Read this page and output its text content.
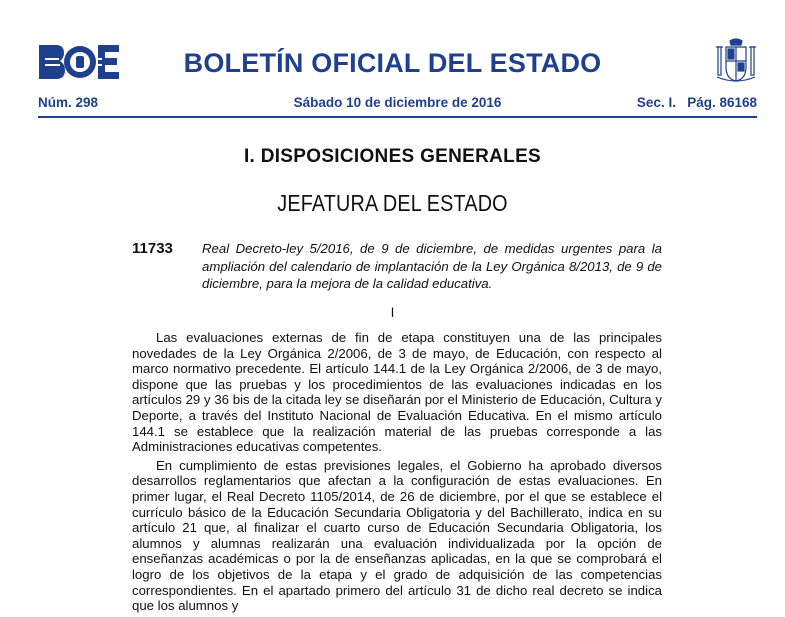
BOLETÍN OFICIAL DEL ESTADO
Núm. 298	Sábado 10 de diciembre de 2016	Sec. I.   Pág. 86168
I. DISPOSICIONES GENERALES
JEFATURA DEL ESTADO
11733 Real Decreto-ley 5/2016, de 9 de diciembre, de medidas urgentes para la ampliación del calendario de implantación de la Ley Orgánica 8/2013, de 9 de diciembre, para la mejora de la calidad educativa.
I

Las evaluaciones externas de fin de etapa constituyen una de las principales novedades de la Ley Orgánica 2/2006, de 3 de mayo, de Educación, con respecto al marco normativo precedente. El artículo 144.1 de la Ley Orgánica 2/2006, de 3 de mayo, dispone que las pruebas y los procedimientos de las evaluaciones indicadas en los artículos 29 y 36 bis de la citada ley se diseñarán por el Ministerio de Educación, Cultura y Deporte, a través del Instituto Nacional de Evaluación Educativa. En el mismo artículo 144.1 se establece que la realización material de las pruebas corresponde a las Administraciones educativas competentes.

En cumplimiento de estas previsiones legales, el Gobierno ha aprobado diversos desarrollos reglamentarios que afectan a la configuración de estas evaluaciones. En primer lugar, el Real Decreto 1105/2014, de 26 de diciembre, por el que se establece el currículo básico de la Educación Secundaria Obligatoria y del Bachillerato, indica en su artículo 21 que, al finalizar el cuarto curso de Educación Secundaria Obligatoria, los alumnos y alumnas realizarán una evaluación individualizada por la opción de enseñanzas académicas o por la de enseñanzas aplicadas, en la que se comprobará el logro de los objetivos de la etapa y el grado de adquisición de las competencias correspondientes. En el apartado primero del artículo 31 de dicho real decreto se indica que los alumnos y
